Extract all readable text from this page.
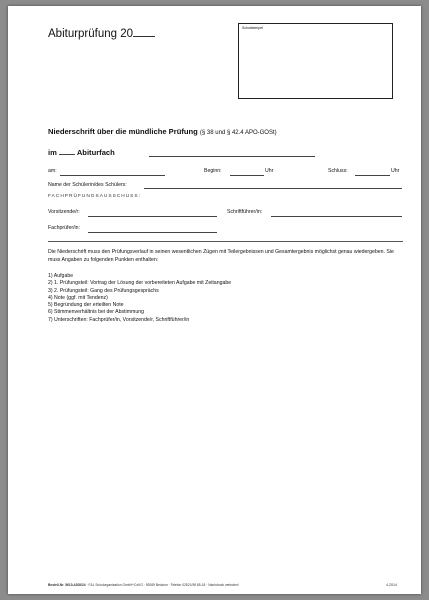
Abiturprüfung 20	Schulstempel
Niederschrift über die mündliche Prüfung (§ 38 und § 42.4 APO-GOSt)
im	Abiturfach
am:	Beginn:	Uhr	Schluss:	Uhr
Name der Schülerin/des Schülers:
FACHPRÜFUNGSAUSSCHUSS:
Vorsitzende/r:	Schriftführer/in:
Fachprüfer/in:
Die Niederschrift muss den Prüfungsverlauf in seinen wesentlichen Zügen mit Teilergebnissen und Gesamtergebnis möglichst genau wiedergeben. Sie muss Angaben zu folgenden Punkten enthalten:
1) Aufgabe
2) 1. Prüfungsteil: Vortrag der Lösung der vorbereiteten Aufgabe mit Zeitangabe
3) 2. Prüfungsteil: Gang des Prüfungsgesprächs
4) Note (ggf. mit Tendenz)
5) Begründung der erteilten Note
6) Stimmenverhältnis bei der Abstimmung
7) Unterschriften: Fachprüfer/in, Vorsitzende/r, Schriftführer/in
Bestell-Nr. 5610-4208/24 · F&L Schulorganisation GmbH+CoKG · 59269 Beckum · Telefon 02521/98 85-18 · Nachdruck verboten!	4.2014
